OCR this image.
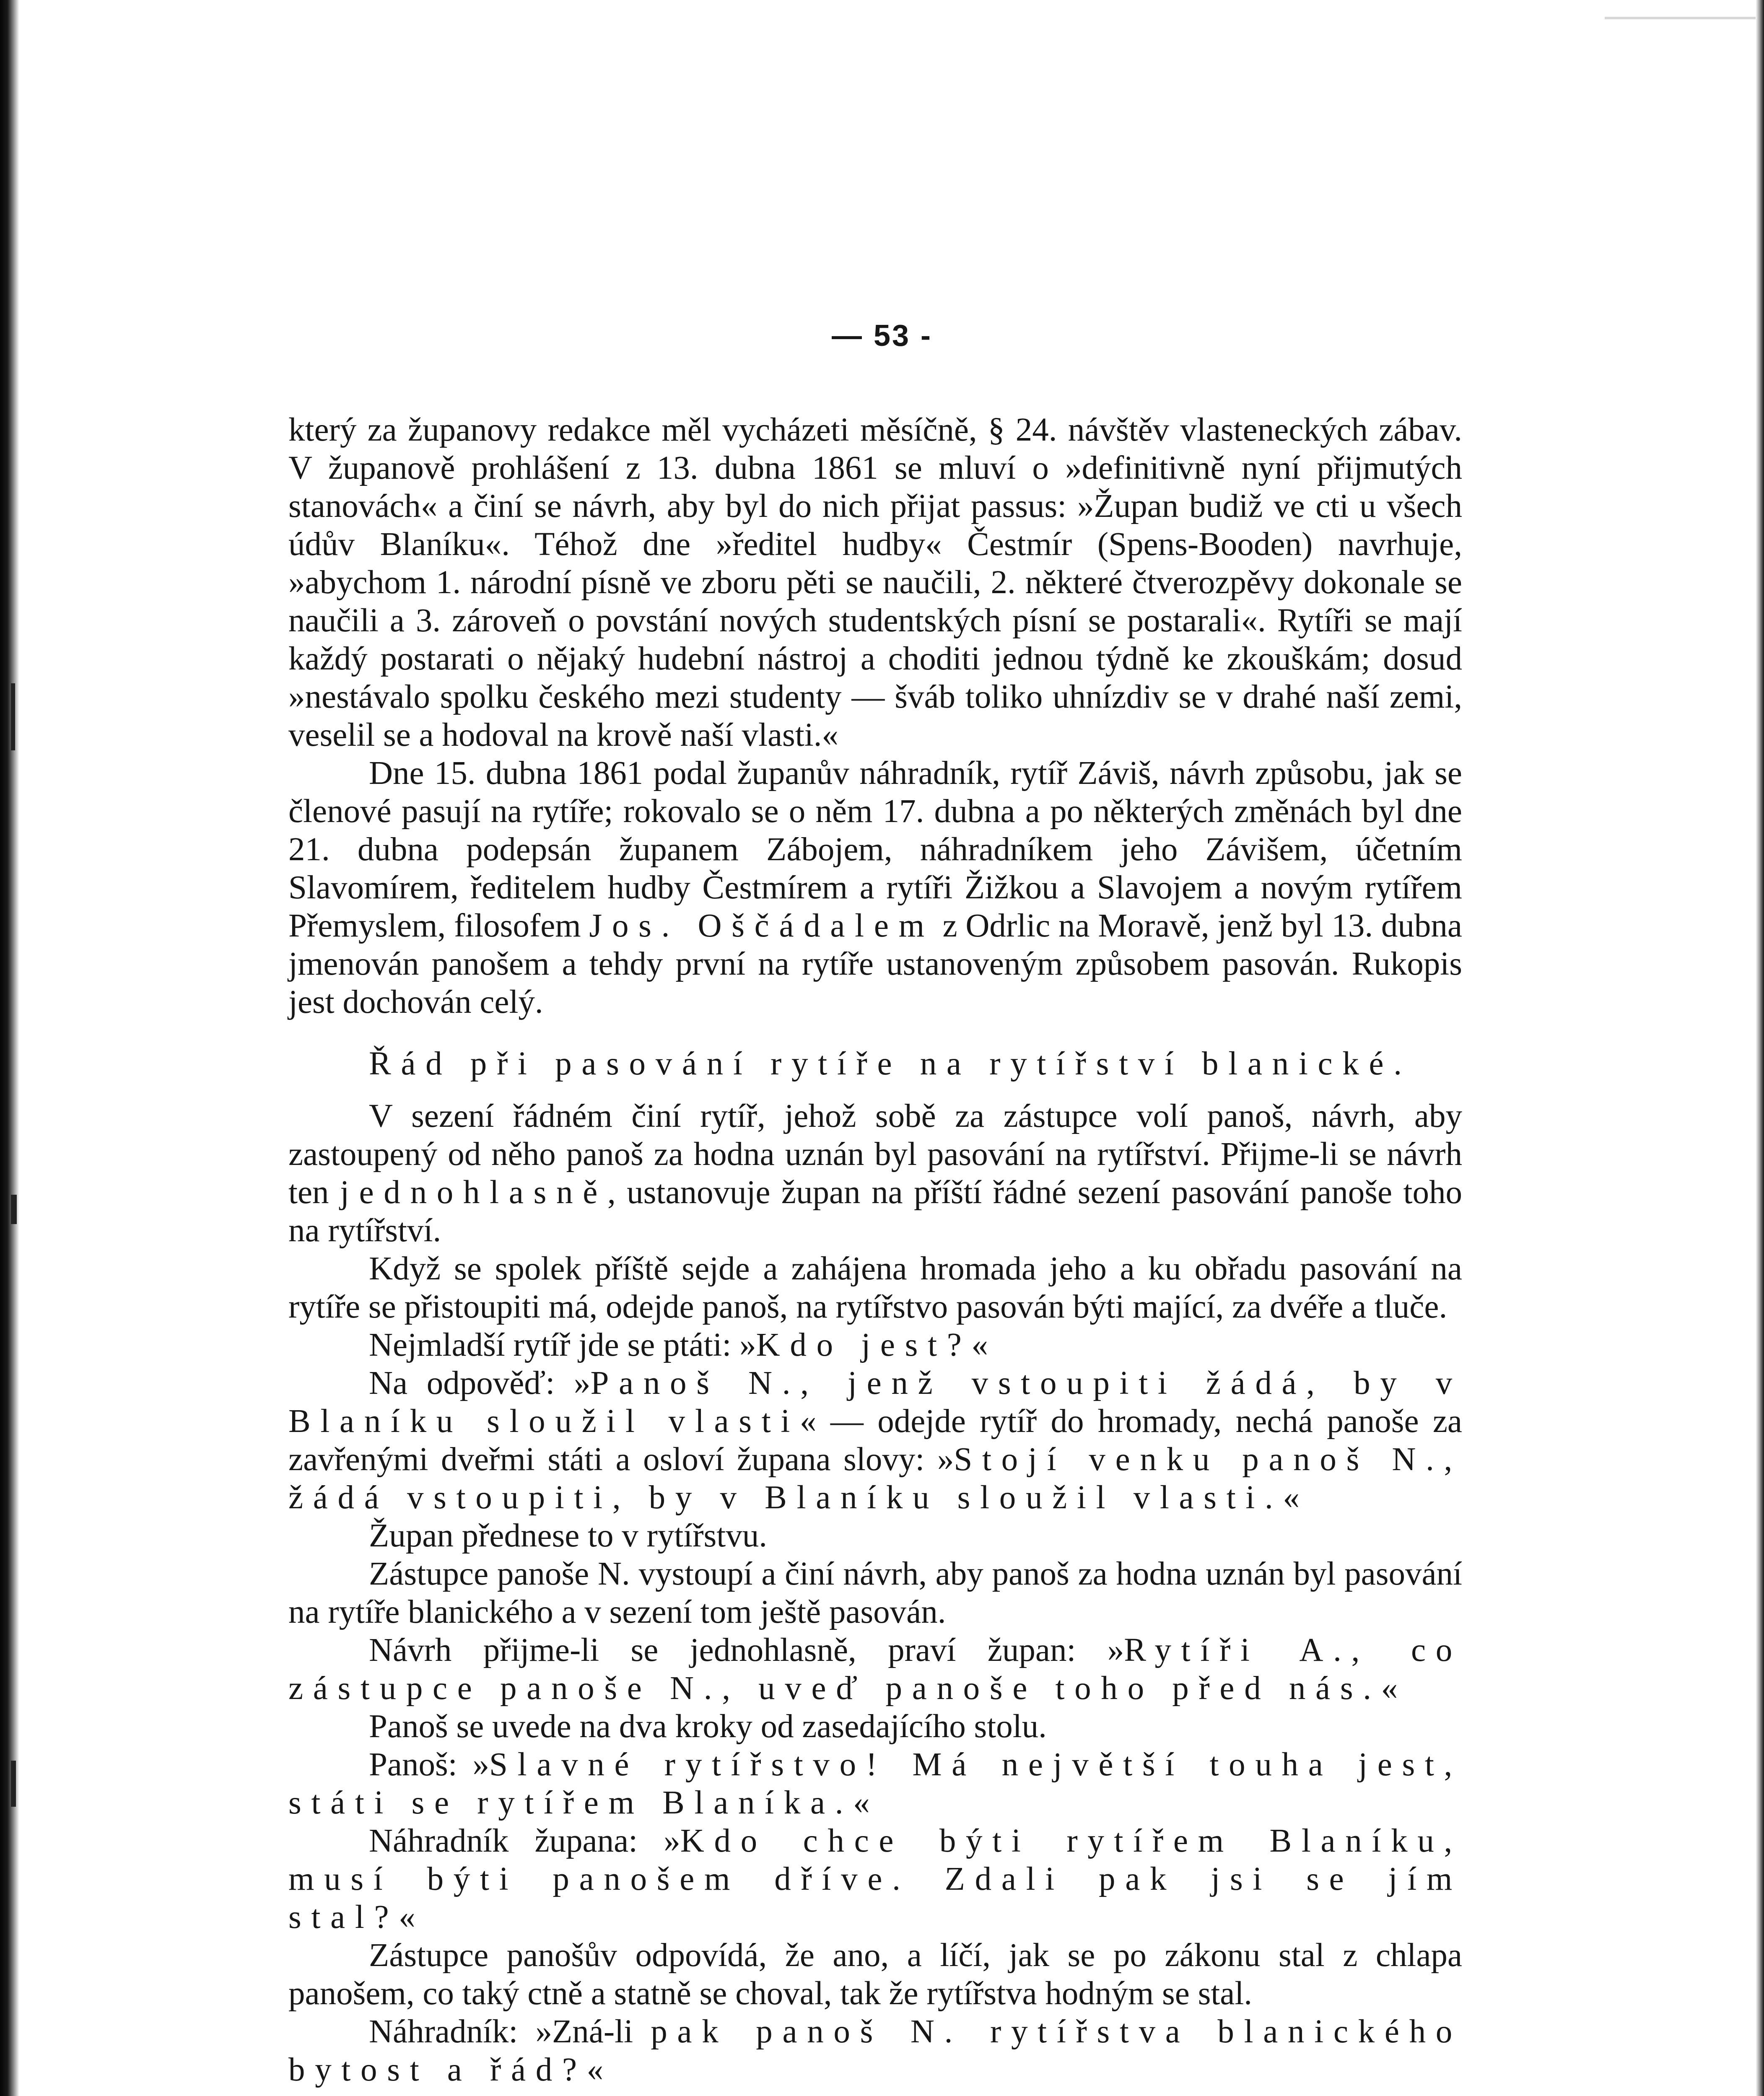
— 53 -

který za županovy redakce měl vycházeti měsíčně, § 24. návštěv vlasteneckých zábav. V županově prohlášení z 13. dubna 1861 se mluví o »definitivně nyní přijmutých stanovách« a činí se návrh, aby byl do nich přijat passus: »Župan budiž ve cti u všech údův Blaníku«. Téhož dne »ředitel hudby« Čestmír (Spens-Booden) navrhuje, »abychom 1. národní písně ve zboru pěti se naučili, 2. některé čtverozpěvy dokonale se naučili a 3. zároveň o povstání nových studentských písní se postarali«. Rytíři se mají každý postarati o nějaký hudební nástroj a choditi jednou týdně ke zkouškám; dosud »nestávalo spolku českého mezi studenty — šváb toliko uhnízdiv se v drahé naší zemi, veselil se a hodoval na krově naší vlasti.«

Dne 15. dubna 1861 podal županův náhradník, rytíř Záviš, návrh způsobu, jak se členové pasují na rytíře; rokovalo se o něm 17. dubna a po některých změnách byl dne 21. dubna podepsán županem Zábojem, náhradníkem jeho Závišem, účetním Slavomírem, ředitelem hudby Čestmírem a rytíři Žižkou a Slavojem a novým rytířem Přemyslem, filosofem Jos. Oščádalem z Odrlic na Moravě, jenž byl 13. dubna jmenován panošem a tehdy první na rytíře ustanoveným způsobem pasován. Rukopis jest dochován celý.

Řád při pasování rytíře na rytířství blanické.

V sezení řádném činí rytíř, jehož sobě za zástupce volí panoš, návrh, aby zastoupený od něho panoš za hodna uznán byl pasování na rytířství. Přijme-li se návrh ten jednohlasně, ustanovuje župan na příští řádné sezení pasování panoše toho na rytířství.

Když se spolek příště sejde a zahájena hromada jeho a ku obřadu pasování na rytíře se přistoupiti má, odejde panoš, na rytířstvo pasován býti mající, za dvéře a tluče.

Nejmladší rytíř jde se ptáti: »Kdo jest?«

Na odpověď: »Panoš N., jenž vstoupiti žádá, by v Blaníku sloužil vlasti« — odejde rytíř do hromady, nechá panoše za zavřenými dveřmi státi a osloví župana slovy: »Stojí venku panoš N., žádá vstoupiti, by v Blaníku sloužil vlasti.«

Župan přednese to v rytířstvu.

Zástupce panoše N. vystoupí a činí návrh, aby panoš za hodna uznán byl pasování na rytíře blanického a v sezení tom ještě pasován.

Návrh přijme-li se jednohlasně, praví župan: »Rytíři A., co zástupce panoše N., uveď panoše toho před nás.«

Panoš se uvede na dva kroky od zasedajícího stolu.

Panoš: »Slavné rytířstvo! Má největší touha jest, státi se rytířem Blaníka.«

Náhradník župana: »Kdo chce býti rytířem Blaníku, musí býti panošem dříve. Zdali pak jsi se jím stal?«

Zástupce panošův odpovídá, že ano, a líčí, jak se po zákonu stal z chlapa panošem, co taký ctně a statně se choval, tak že rytířstva hodným se stal.

Náhradník: »Zná-li pak panoš N. rytířstva blanického bytost a řád?«
